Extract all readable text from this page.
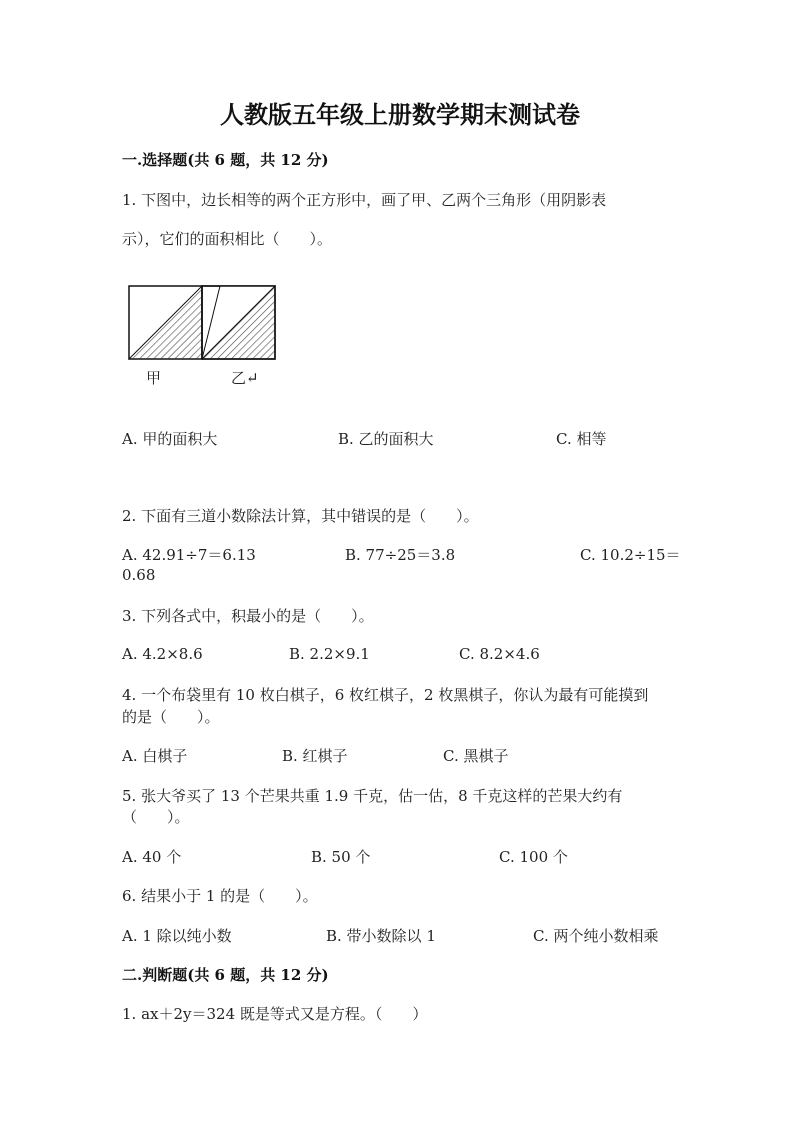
人教版五年级上册数学期末测试卷
一.选择题(共 6 题，共 12 分)
1. 下图中，边长相等的两个正方形中，画了甲、乙两个三角形（用阴影表
示），它们的面积相比（　　）。
甲	乙↵
A. 甲的面积大	B. 乙的面积大	C. 相等
2. 下面有三道小数除法计算，其中错误的是（　　）。
A. 42.91÷7＝6.13	B. 77÷25＝3.8	C. 10.2÷15＝
0.68
3. 下列各式中，积最小的是（　　）。
A. 4.2×8.6	B. 2.2×9.1	C. 8.2×4.6
4. 一个布袋里有 10 枚白棋子，6 枚红棋子，2 枚黑棋子，你认为最有可能摸到
的是（　　）。
A. 白棋子	B. 红棋子	C. 黑棋子
5. 张大爷买了 13 个芒果共重 1.9 千克，估一估，8 千克这样的芒果大约有
（　　）。
A. 40 个	B. 50 个	C. 100 个
6. 结果小于 1 的是（　　）。
A. 1 除以纯小数	B. 带小数除以 1	C. 两个纯小数相乘
二.判断题(共 6 题，共 12 分)
1. ax＋2y＝324 既是等式又是方程。（　　）
